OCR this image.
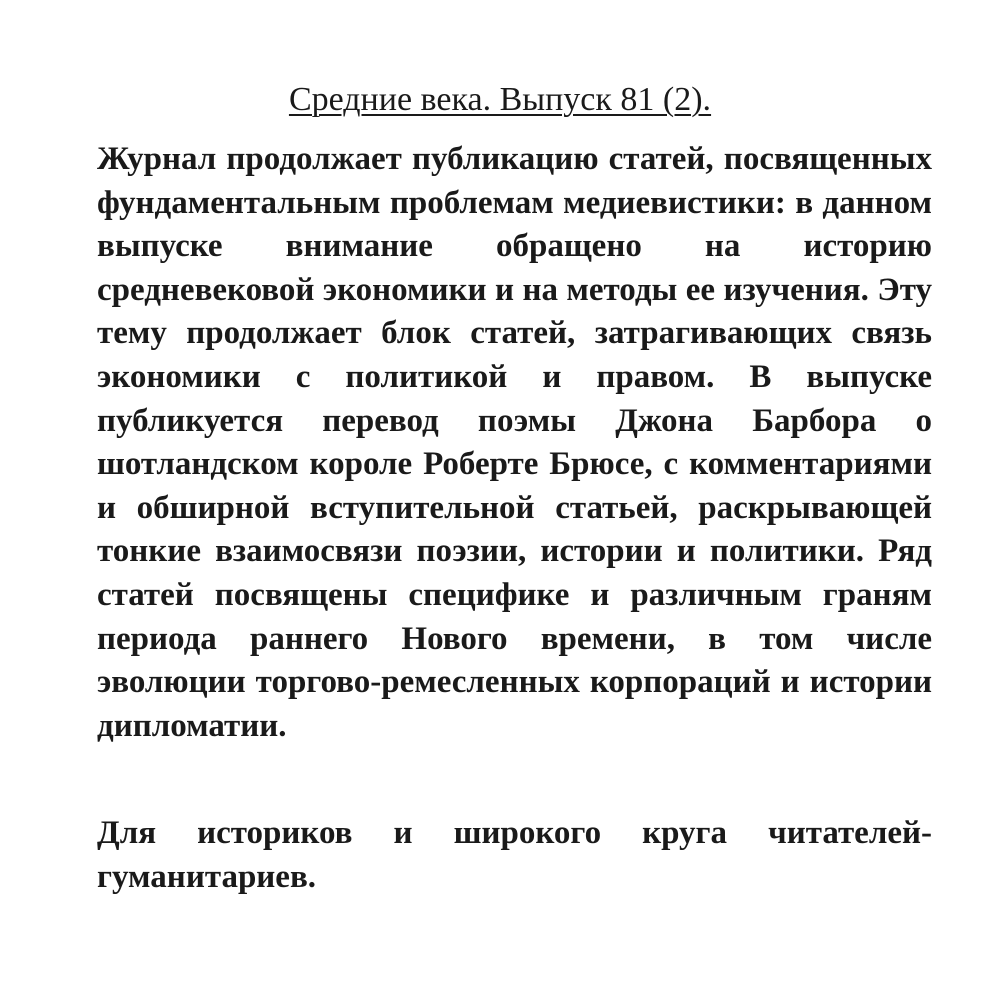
Средние века. Выпуск 81 (2).

Журнал продолжает публикацию статей, посвященных фундаментальным проблемам медиевистики: в данном выпуске внимание обращено на историю средневековой экономики и на методы ее изучения. Эту тему продолжает блок статей, затрагивающих связь экономики с политикой и правом. В выпуске публикуется перевод поэмы Джона Барбора о шотландском короле Роберте Брюсе, с комментариями и обширной вступительной статьей, раскрывающей тонкие взаимосвязи поэзии, истории и политики. Ряд статей посвящены специфике и различным граням периода раннего Нового времени, в том числе эволюции торгово-ремесленных корпораций и истории дипломатии.

Для историков и широкого круга читателей-гуманитариев.
